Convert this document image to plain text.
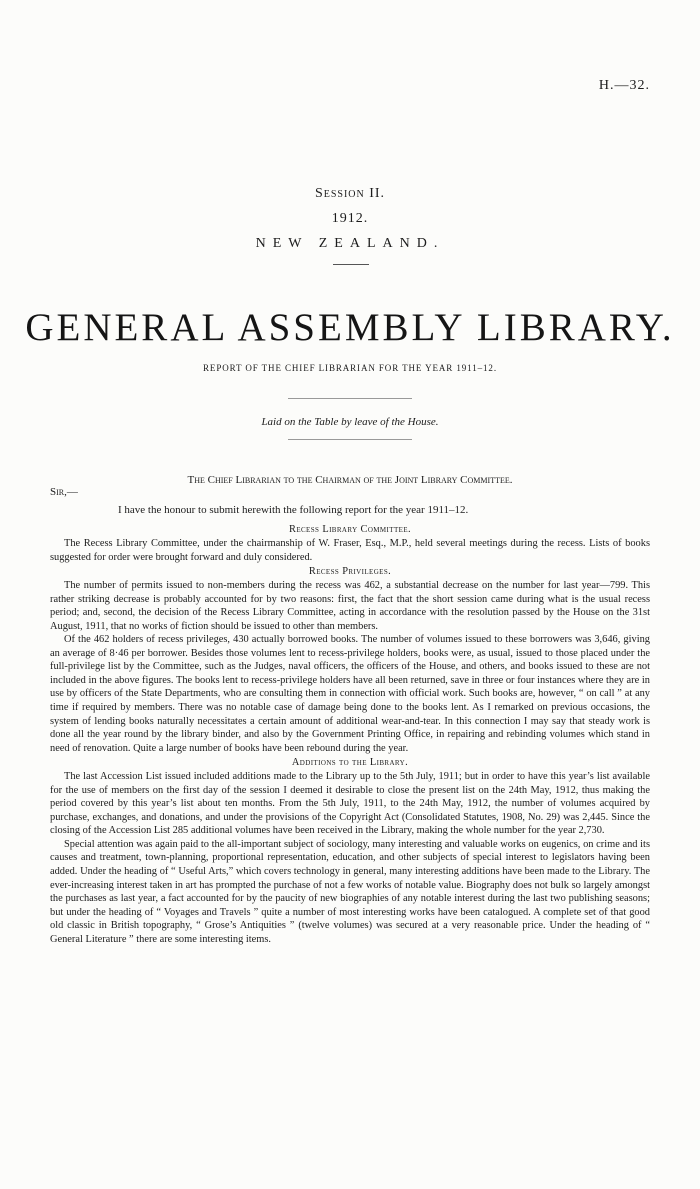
H.—32.
Session II.
1912.
NEW ZEALAND.
GENERAL ASSEMBLY LIBRARY.
REPORT OF THE CHIEF LIBRARIAN FOR THE YEAR 1911–12.
Laid on the Table by leave of the House.
The Chief Librarian to the Chairman of the Joint Library Committee.
Sir,—
I have the honour to submit herewith the following report for the year 1911–12.
Recess Library Committee.

The Recess Library Committee, under the chairmanship of W. Fraser, Esq., M.P., held several meetings during the recess. Lists of books suggested for order were brought forward and duly considered.

Recess Privileges.

The number of permits issued to non-members during the recess was 462, a substantial decrease on the number for last year—799. This rather striking decrease is probably accounted for by two reasons: first, the fact that the short session came during what is the usual recess period; and, second, the decision of the Recess Library Committee, acting in accordance with the resolution passed by the House on the 31st August, 1911, that no works of fiction should be issued to other than members.

Of the 462 holders of recess privileges, 430 actually borrowed books. The number of volumes issued to these borrowers was 3,646, giving an average of 8·46 per borrower. Besides those volumes lent to recess-privilege holders, books were, as usual, issued to those placed under the full-privilege list by the Committee, such as the Judges, naval officers, the officers of the House, and others, and books issued to these are not included in the above figures. The books lent to recess-privilege holders have all been returned, save in three or four instances where they are in use by officers of the State Departments, who are consulting them in connection with official work. Such books are, however, “ on call ” at any time if required by members. There was no notable case of damage being done to the books lent. As I remarked on previous occasions, the system of lending books naturally necessitates a certain amount of additional wear-and-tear. In this connection I may say that steady work is done all the year round by the library binder, and also by the Government Printing Office, in repairing and rebinding volumes which stand in need of renovation. Quite a large number of books have been rebound during the year.

Additions to the Library.

The last Accession List issued included additions made to the Library up to the 5th July, 1911; but in order to have this year’s list available for the use of members on the first day of the session I deemed it desirable to close the present list on the 24th May, 1912, thus making the period covered by this year’s list about ten months. From the 5th July, 1911, to the 24th May, 1912, the number of volumes acquired by purchase, exchanges, and donations, and under the provisions of the Copyright Act (Consolidated Statutes, 1908, No. 29) was 2,445. Since the closing of the Accession List 285 additional volumes have been received in the Library, making the whole number for the year 2,730.

Special attention was again paid to the all-important subject of sociology, many interesting and valuable works on eugenics, on crime and its causes and treatment, town-planning, proportional representation, education, and other subjects of special interest to legislators having been added. Under the heading of “ Useful Arts,” which covers technology in general, many interesting additions have been made to the Library. The ever-increasing interest taken in art has prompted the purchase of not a few works of notable value. Biography does not bulk so largely amongst the purchases as last year, a fact accounted for by the paucity of new biographies of any notable interest during the last two publishing seasons; but under the heading of “ Voyages and Travels ” quite a number of most interesting works have been catalogued. A complete set of that good old classic in British topography, “ Grose’s Antiquities ” (twelve volumes) was secured at a very reasonable price. Under the heading of “ General Literature ” there are some interesting items.
